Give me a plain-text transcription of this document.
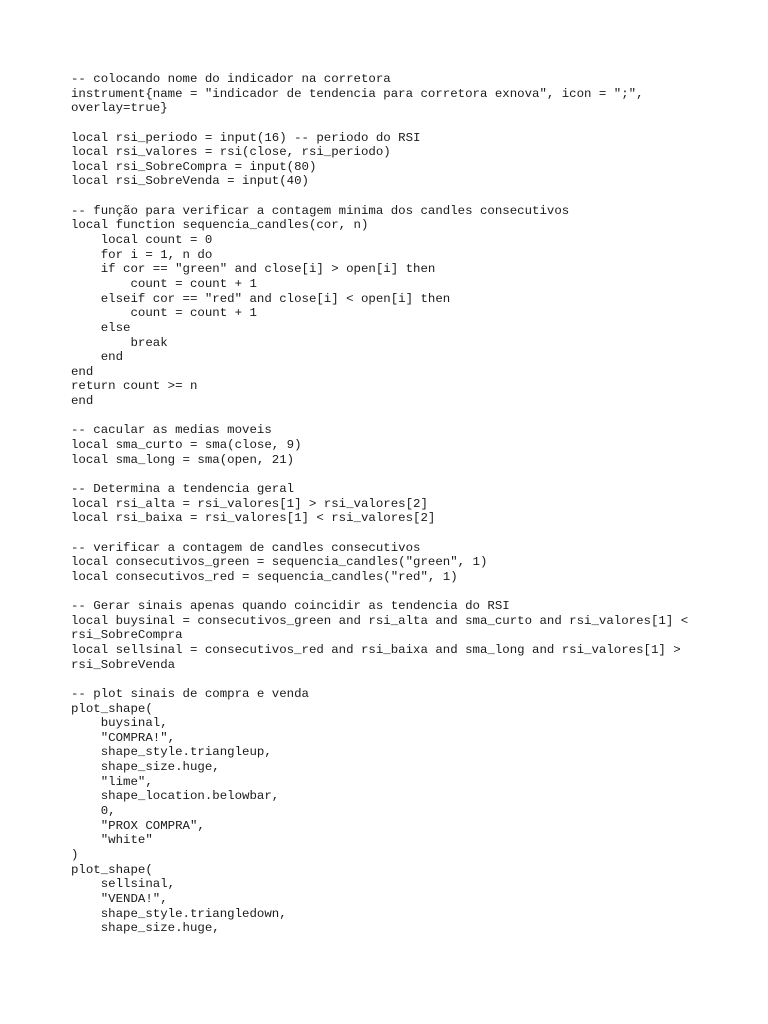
-- colocando nome do indicador na corretora
instrument{name = "indicador de tendencia para corretora exnova", icon = ";",
overlay=true}
local rsi_periodo = input(16) -- periodo do RSI
local rsi_valores = rsi(close, rsi_periodo)
local rsi_SobreCompra = input(80)
local rsi_SobreVenda = input(40)
-- função para verificar a contagem minima dos candles consecutivos
local function sequencia_candles(cor, n)
local count = 0
for i = 1, n do
if cor == "green" and close[i] > open[i] then
count = count + 1
elseif cor == "red" and close[i] < open[i] then
count = count + 1
else
break
end
end
return count >= n
end
-- cacular as medias moveis
local sma_curto = sma(close, 9)
local sma_long = sma(open, 21)
-- Determina a tendencia geral
local rsi_alta = rsi_valores[1] > rsi_valores[2]
local rsi_baixa = rsi_valores[1] < rsi_valores[2]
-- verificar a contagem de candles consecutivos
local consecutivos_green = sequencia_candles("green", 1)
local consecutivos_red = sequencia_candles("red", 1)
-- Gerar sinais apenas quando coincidir as tendencia do RSI
local buysinal = consecutivos_green and rsi_alta and sma_curto and rsi_valores[1] <
rsi_SobreCompra
local sellsinal = consecutivos_red and rsi_baixa and sma_long and rsi_valores[1] >
rsi_SobreVenda
-- plot sinais de compra e venda
plot_shape(
buysinal,
"COMPRA!",
shape_style.triangleup,
shape_size.huge,
"lime",
shape_location.belowbar,
0,
"PROX COMPRA",
"white"
)
plot_shape(
sellsinal,
"VENDA!",
shape_style.triangledown,
shape_size.huge,
